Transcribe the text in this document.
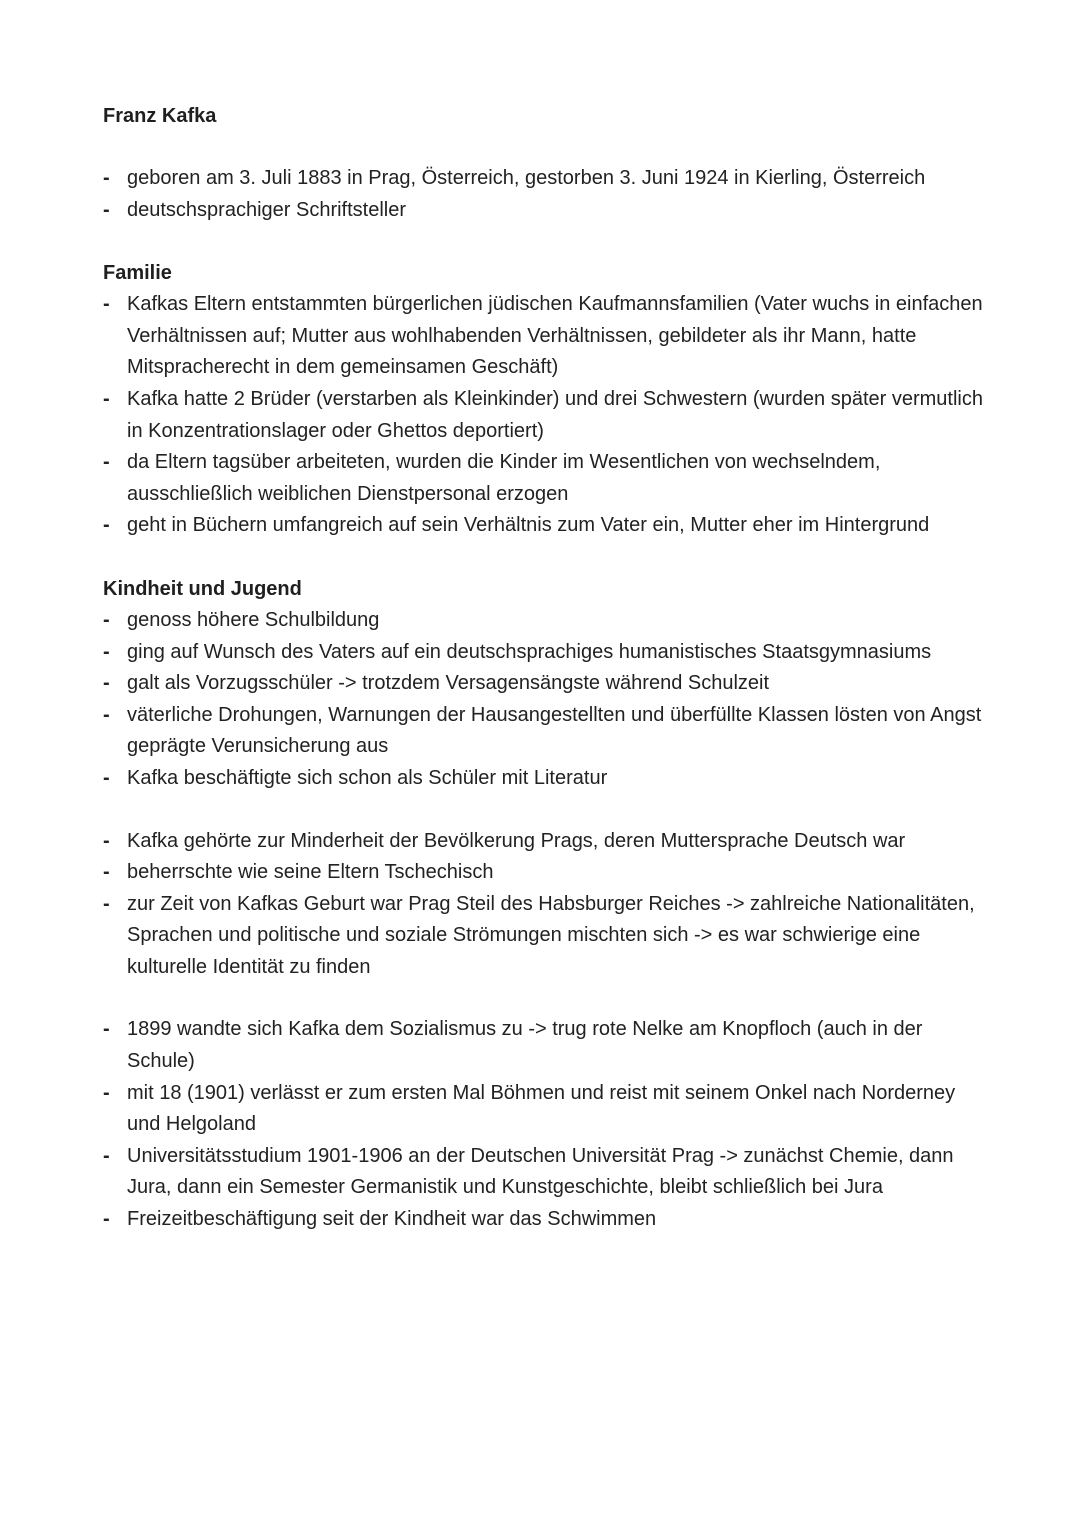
Franz Kafka
- geboren am 3. Juli 1883 in Prag, Österreich, gestorben 3. Juni 1924 in Kierling, Österreich
- deutschsprachiger Schriftsteller
Familie
- Kafkas Eltern entstammten bürgerlichen jüdischen Kaufmannsfamilien (Vater wuchs in einfachen Verhältnissen auf; Mutter aus wohlhabenden Verhältnissen, gebildeter als ihr Mann, hatte Mitspracherecht in dem gemeinsamen Geschäft)
- Kafka hatte 2 Brüder (verstarben als Kleinkinder) und drei Schwestern (wurden später vermutlich in Konzentrationslager oder Ghettos deportiert)
- da Eltern tagsüber arbeiteten, wurden die Kinder im Wesentlichen von wechselndem, ausschließlich weiblichen Dienstpersonal erzogen
- geht in Büchern umfangreich auf sein Verhältnis zum Vater ein, Mutter eher im Hintergrund
Kindheit und Jugend
- genoss höhere Schulbildung
- ging auf Wunsch des Vaters auf ein deutschsprachiges humanistisches Staatsgymnasiums
- galt als Vorzugsschüler -> trotzdem Versagensängste während Schulzeit
- väterliche Drohungen, Warnungen der Hausangestellten und überfüllte Klassen lösten von Angst geprägte Verunsicherung aus
- Kafka beschäftigte sich schon als Schüler mit Literatur
- Kafka gehörte zur Minderheit der Bevölkerung Prags, deren Muttersprache Deutsch war
- beherrschte wie seine Eltern Tschechisch
- zur Zeit von Kafkas Geburt war Prag Steil des Habsburger Reiches -> zahlreiche Nationalitäten, Sprachen und politische und soziale Strömungen mischten sich -> es war schwierige eine kulturelle Identität zu finden
- 1899 wandte sich Kafka dem Sozialismus zu -> trug rote Nelke am Knopfloch (auch in der Schule)
- mit 18 (1901) verlässt er zum ersten Mal Böhmen und reist mit seinem Onkel nach Norderney und Helgoland
- Universitätsstudium 1901-1906 an der Deutschen Universität Prag -> zunächst Chemie, dann Jura, dann ein Semester Germanistik und Kunstgeschichte, bleibt schließlich bei Jura
- Freizeitbeschäftigung seit der Kindheit war das Schwimmen
